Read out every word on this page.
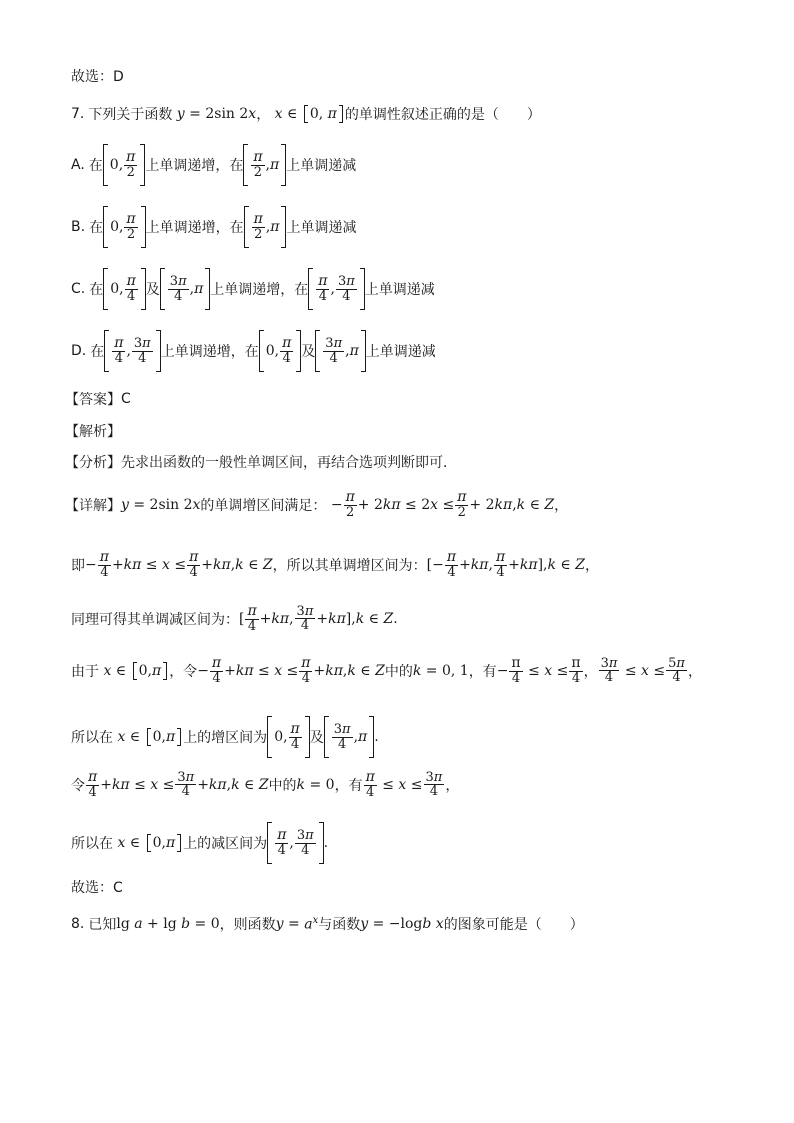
故选：D
7. 下列关于函数 y = 2sin 2 x ， x ∈ 0, π 的单调性叙述正确的是（　　）
A. 在 0, $\frac{\pi}{2}$ 上单调递增，在 $\frac{\pi}{2}$ , π 上单调递减
B. 在 0, $\frac{\pi}{2}$ 上单调递增，在 $\frac{\pi}{2}$ , π 上单调递减
C. 在 0, $\frac{\pi}{4}$ 及 $\frac{3\pi}{4}$ , π 上单调递增，在 $\frac{\pi}{4}$ , $\frac{3\pi}{4}$ 上单调递减
D. 在 $\frac{\pi}{4}$ , $\frac{3\pi}{4}$ 上单调递增，在 0, $\frac{\pi}{4}$ 及 $\frac{3\pi}{4}$ , π 上单调递减
【答案】 C
【解析】
【分析】 先求出函数的一般性单调区间，再结合选项判断即可.
【详解】 y = 2sin 2 x 的单调增区间满足： − $\frac{\pi}{2} + 2$ kπ ≤ 2 $x \le \frac{\pi}{2} + 2$ kπ , k ∈ Z ，
即 − $\frac{\pi}{4} + k\pi \le x \le \frac{\pi}{4} + k\pi$ , k ∈ Z ，所以其单调增区间为： [− $\frac{\pi}{4} + k\pi$ , $\frac{\pi}{4} + k\pi$ ], k ∈ Z ，
同理可得其单调减区间为： [ $\frac{\pi}{4} + k\pi$ , $\frac{3\pi}{4} + k\pi$ ], k ∈ Z .
由于 x ∈ 0, π ，令 − $\frac{\pi}{4} + k\pi \le x \le \frac{\pi}{4} + k\pi$ , k ∈ Z 中的 k = 0, 1 ，有 − $\frac{\pi}{4} \le x \le \frac{\pi}{4}$ ， $\frac{3\pi}{4} \le x \le \frac{5\pi}{4}$ ，
所以在 x ∈ 0, π 上的增区间为 0, $\frac{\pi}{4}$ 及 $\frac{3\pi}{4}$ , π .
令 $\frac{\pi}{4} + k\pi \le x \le \frac{3\pi}{4} + k\pi$ , k ∈ Z 中的 k = 0 ，有 $\frac{\pi}{4} \le x \le \frac{3\pi}{4}$ ，
所以在 x ∈ 0, π 上的减区间为 $\frac{\pi}{4}$ , $\frac{3\pi}{4}$ .
故选：C
8. 已知 lg a + lg b = 0 ，则函数 $y = a^x$ 与函数 y = −log b x 的图象可能是（　　）
